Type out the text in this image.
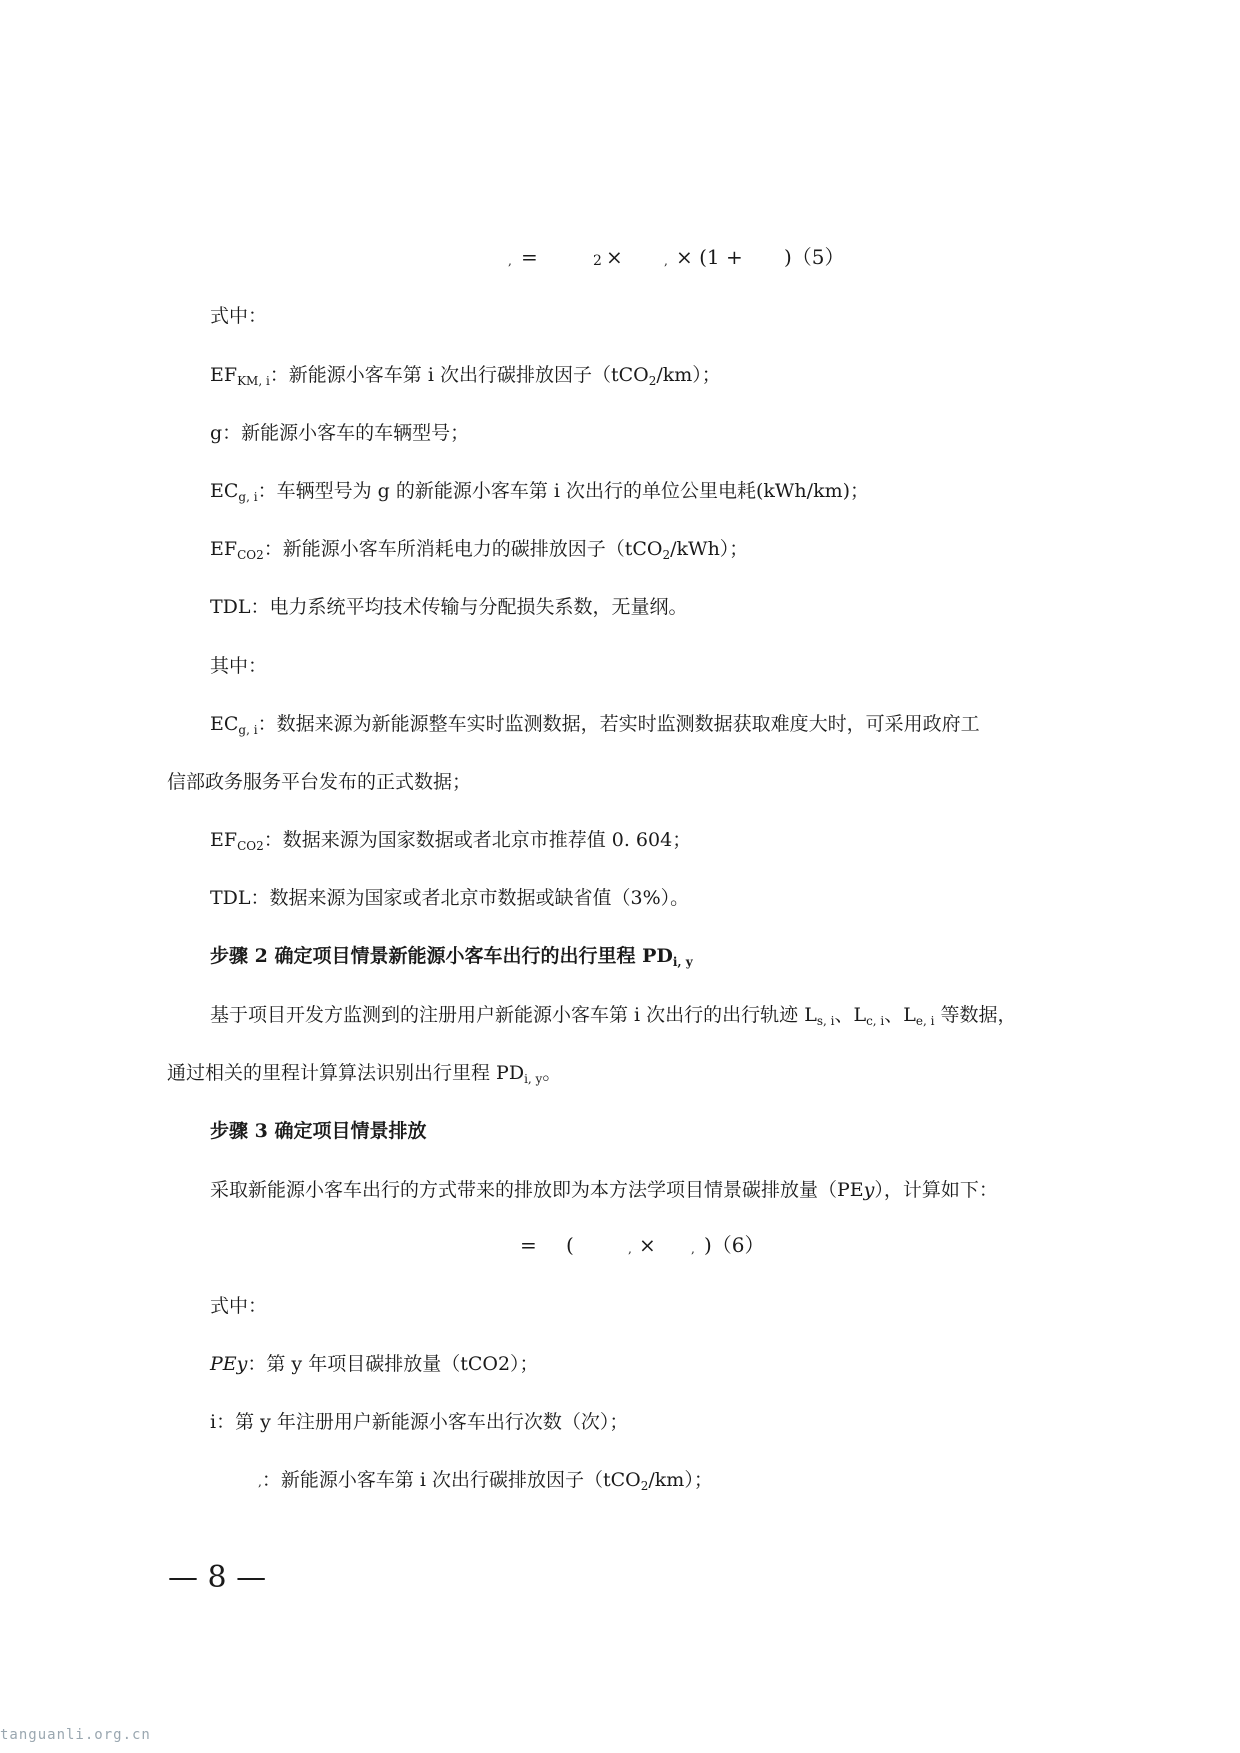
, =	2 ×	, × (1 + )（5）
式中：
$EF_{KM, i}$：新能源小客车第 i 次出行碳排放因子（tCO$_2$/km）；
g：新能源小客车的车辆型号；
$EC_{g, i}$：车辆型号为 g 的新能源小客车第 i 次出行的单位公里电耗(kWh/km)；
$EF_{CO2}$：新能源小客车所消耗电力的碳排放因子（tCO$_2$/kWh）；
TDL：电力系统平均技术传输与分配损失系数，无量纲。
其中：
$EC_{g, i}$：数据来源为新能源整车实时监测数据，若实时监测数据获取难度大时，可采用政府工
信部政务服务平台发布的正式数据；
$EF_{CO2}$：数据来源为国家数据或者北京市推荐值 0. 604；
TDL：数据来源为国家或者北京市数据或缺省值（3%）。
步骤 2 确定项目情景新能源小客车出行的出行里程 $PD_{i, y}$
基于项目开发方监测到的注册用户新能源小客车第 i 次出行的出行轨迹 $L_{s, i}$、$L_{c, i}$、$L_{e, i}$ 等数据，
通过相关的里程计算算法识别出行里程 $PD_{i, y}$。
步骤 3 确定项目情景排放
采取新能源小客车出行的方式带来的排放即为本方法学项目情景碳排放量（PEy），计算如下：
= (	, ×	, )（6）
式中：
PEy：第 y 年项目碳排放量（tCO2）；
i：第 y 年注册用户新能源小客车出行次数（次）；
,：新能源小客车第 i 次出行碳排放因子（tCO$_2$/km）；
— 8 —
tanguanli.org.cn
